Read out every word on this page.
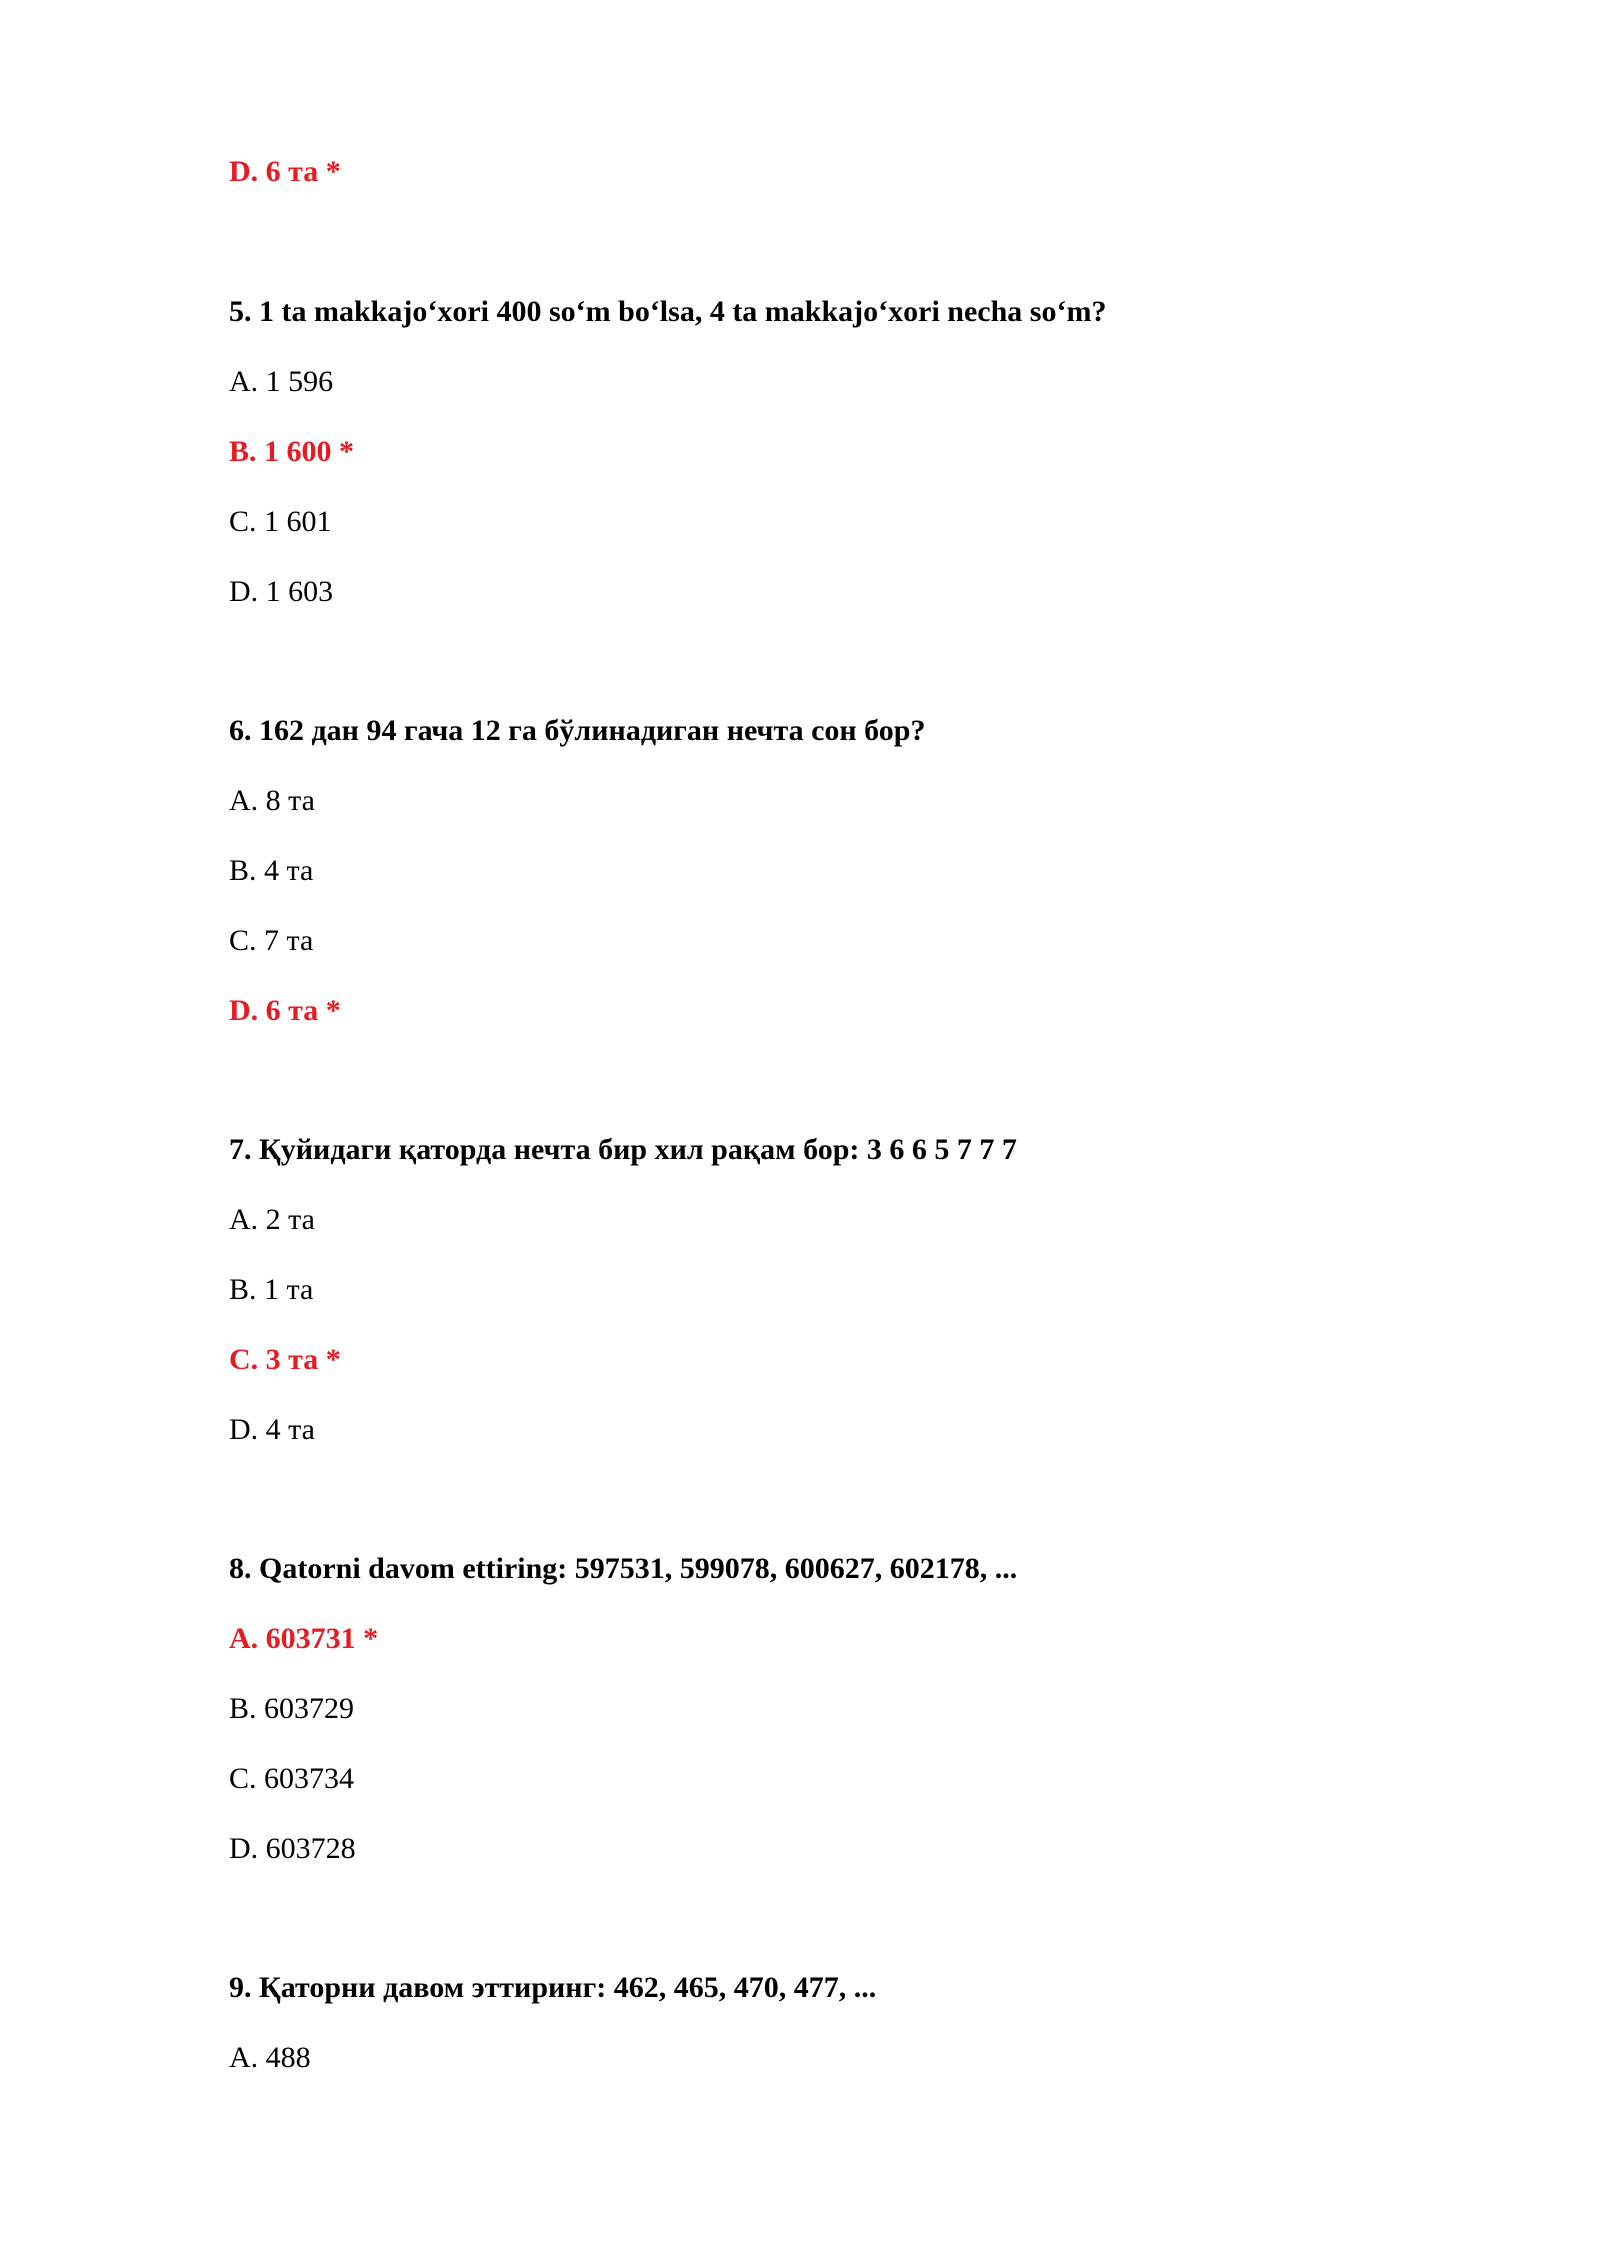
D. 6 та *
5. 1 ta makkajo‘xori 400 so‘m bo‘lsa, 4 ta makkajo‘xori necha so‘m?
A. 1 596
B. 1 600 *
C. 1 601
D. 1 603
6. 162 дан 94 гача 12 га бўлинадиган нечта сон бор?
A. 8 та
B. 4 та
C. 7 та
D. 6 та *
7. Қуйидаги қаторда нечта бир хил рақам бор: 3 6 6 5 7 7 7
A. 2 та
B. 1 та
C. 3 та *
D. 4 та
8. Qatorni davom ettiring: 597531, 599078, 600627, 602178, ...
A. 603731 *
B. 603729
C. 603734
D. 603728
9. Қаторни давом эттиринг: 462, 465, 470, 477, ...
A. 488
